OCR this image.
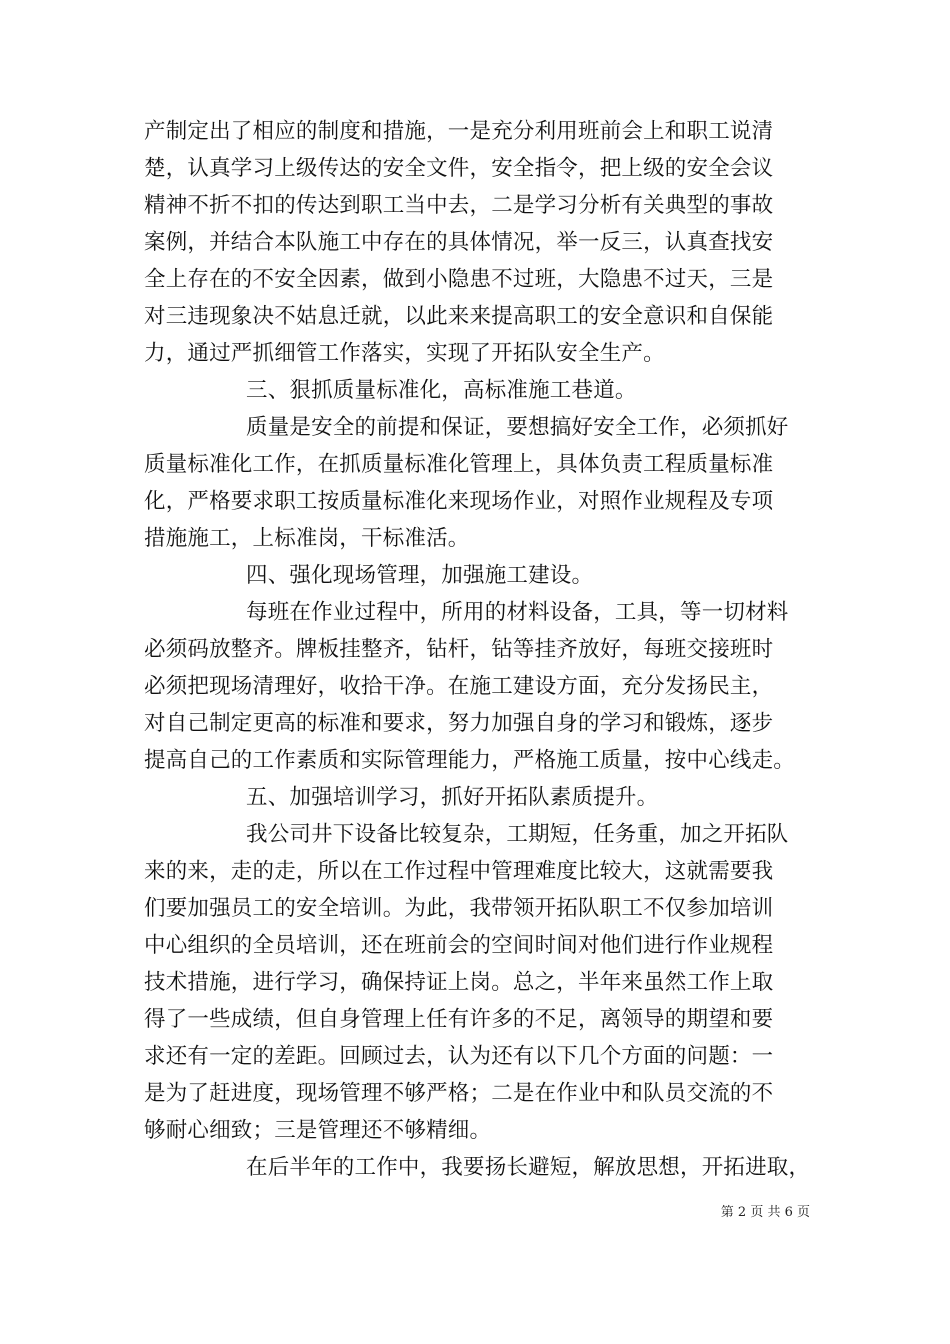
产制定出了相应的制度和措施，一是充分利用班前会上和职工说清
楚，认真学习上级传达的安全文件，安全指令，把上级的安全会议
精神不折不扣的传达到职工当中去，二是学习分析有关典型的事故
案例，并结合本队施工中存在的具体情况，举一反三，认真查找安
全上存在的不安全因素，做到小隐患不过班，大隐患不过天，三是
对三违现象决不姑息迁就，以此来来提高职工的安全意识和自保能
力，通过严抓细管工作落实，实现了开拓队安全生产。
三、狠抓质量标准化，高标准施工巷道。
质量是安全的前提和保证，要想搞好安全工作，必须抓好
质量标准化工作，在抓质量标准化管理上，具体负责工程质量标准
化，严格要求职工按质量标准化来现场作业，对照作业规程及专项
措施施工，上标准岗，干标准活。
四、强化现场管理，加强施工建设。
每班在作业过程中，所用的材料设备，工具，等一切材料
必须码放整齐。牌板挂整齐，钻杆，钻等挂齐放好，每班交接班时
必须把现场清理好，收拾干净。在施工建设方面，充分发扬民主，
对自己制定更高的标准和要求，努力加强自身的学习和锻炼，逐步
提高自己的工作素质和实际管理能力，严格施工质量，按中心线走。
五、加强培训学习，抓好开拓队素质提升。
我公司井下设备比较复杂，工期短，任务重，加之开拓队
来的来，走的走，所以在工作过程中管理难度比较大，这就需要我
们要加强员工的安全培训。为此，我带领开拓队职工不仅参加培训
中心组织的全员培训，还在班前会的空间时间对他们进行作业规程
技术措施，进行学习，确保持证上岗。总之，半年来虽然工作上取
得了一些成绩，但自身管理上任有许多的不足，离领导的期望和要
求还有一定的差距。回顾过去，认为还有以下几个方面的问题：一
是为了赶进度，现场管理不够严格；二是在作业中和队员交流的不
够耐心细致；三是管理还不够精细。
在后半年的工作中，我要扬长避短，解放思想，开拓进取，
第 2 页 共 6 页
